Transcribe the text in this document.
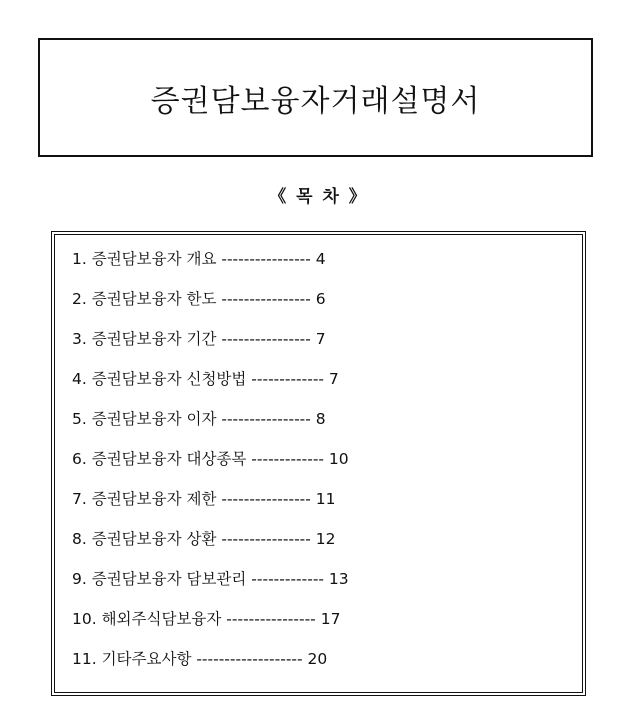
증권담보융자거래설명서
《 목 차 》
1. 증권담보융자 개요 ---------------- 4
2. 증권담보융자 한도 ---------------- 6
3. 증권담보융자 기간 ---------------- 7
4. 증권담보융자 신청방법 ------------- 7
5. 증권담보융자 이자 ---------------- 8
6. 증권담보융자 대상종목 ------------- 10
7. 증권담보융자 제한 ---------------- 11
8. 증권담보융자 상환 ---------------- 12
9. 증권담보융자 담보관리 ------------- 13
10. 해외주식담보융자 ---------------- 17
11. 기타주요사항 ------------------- 20
